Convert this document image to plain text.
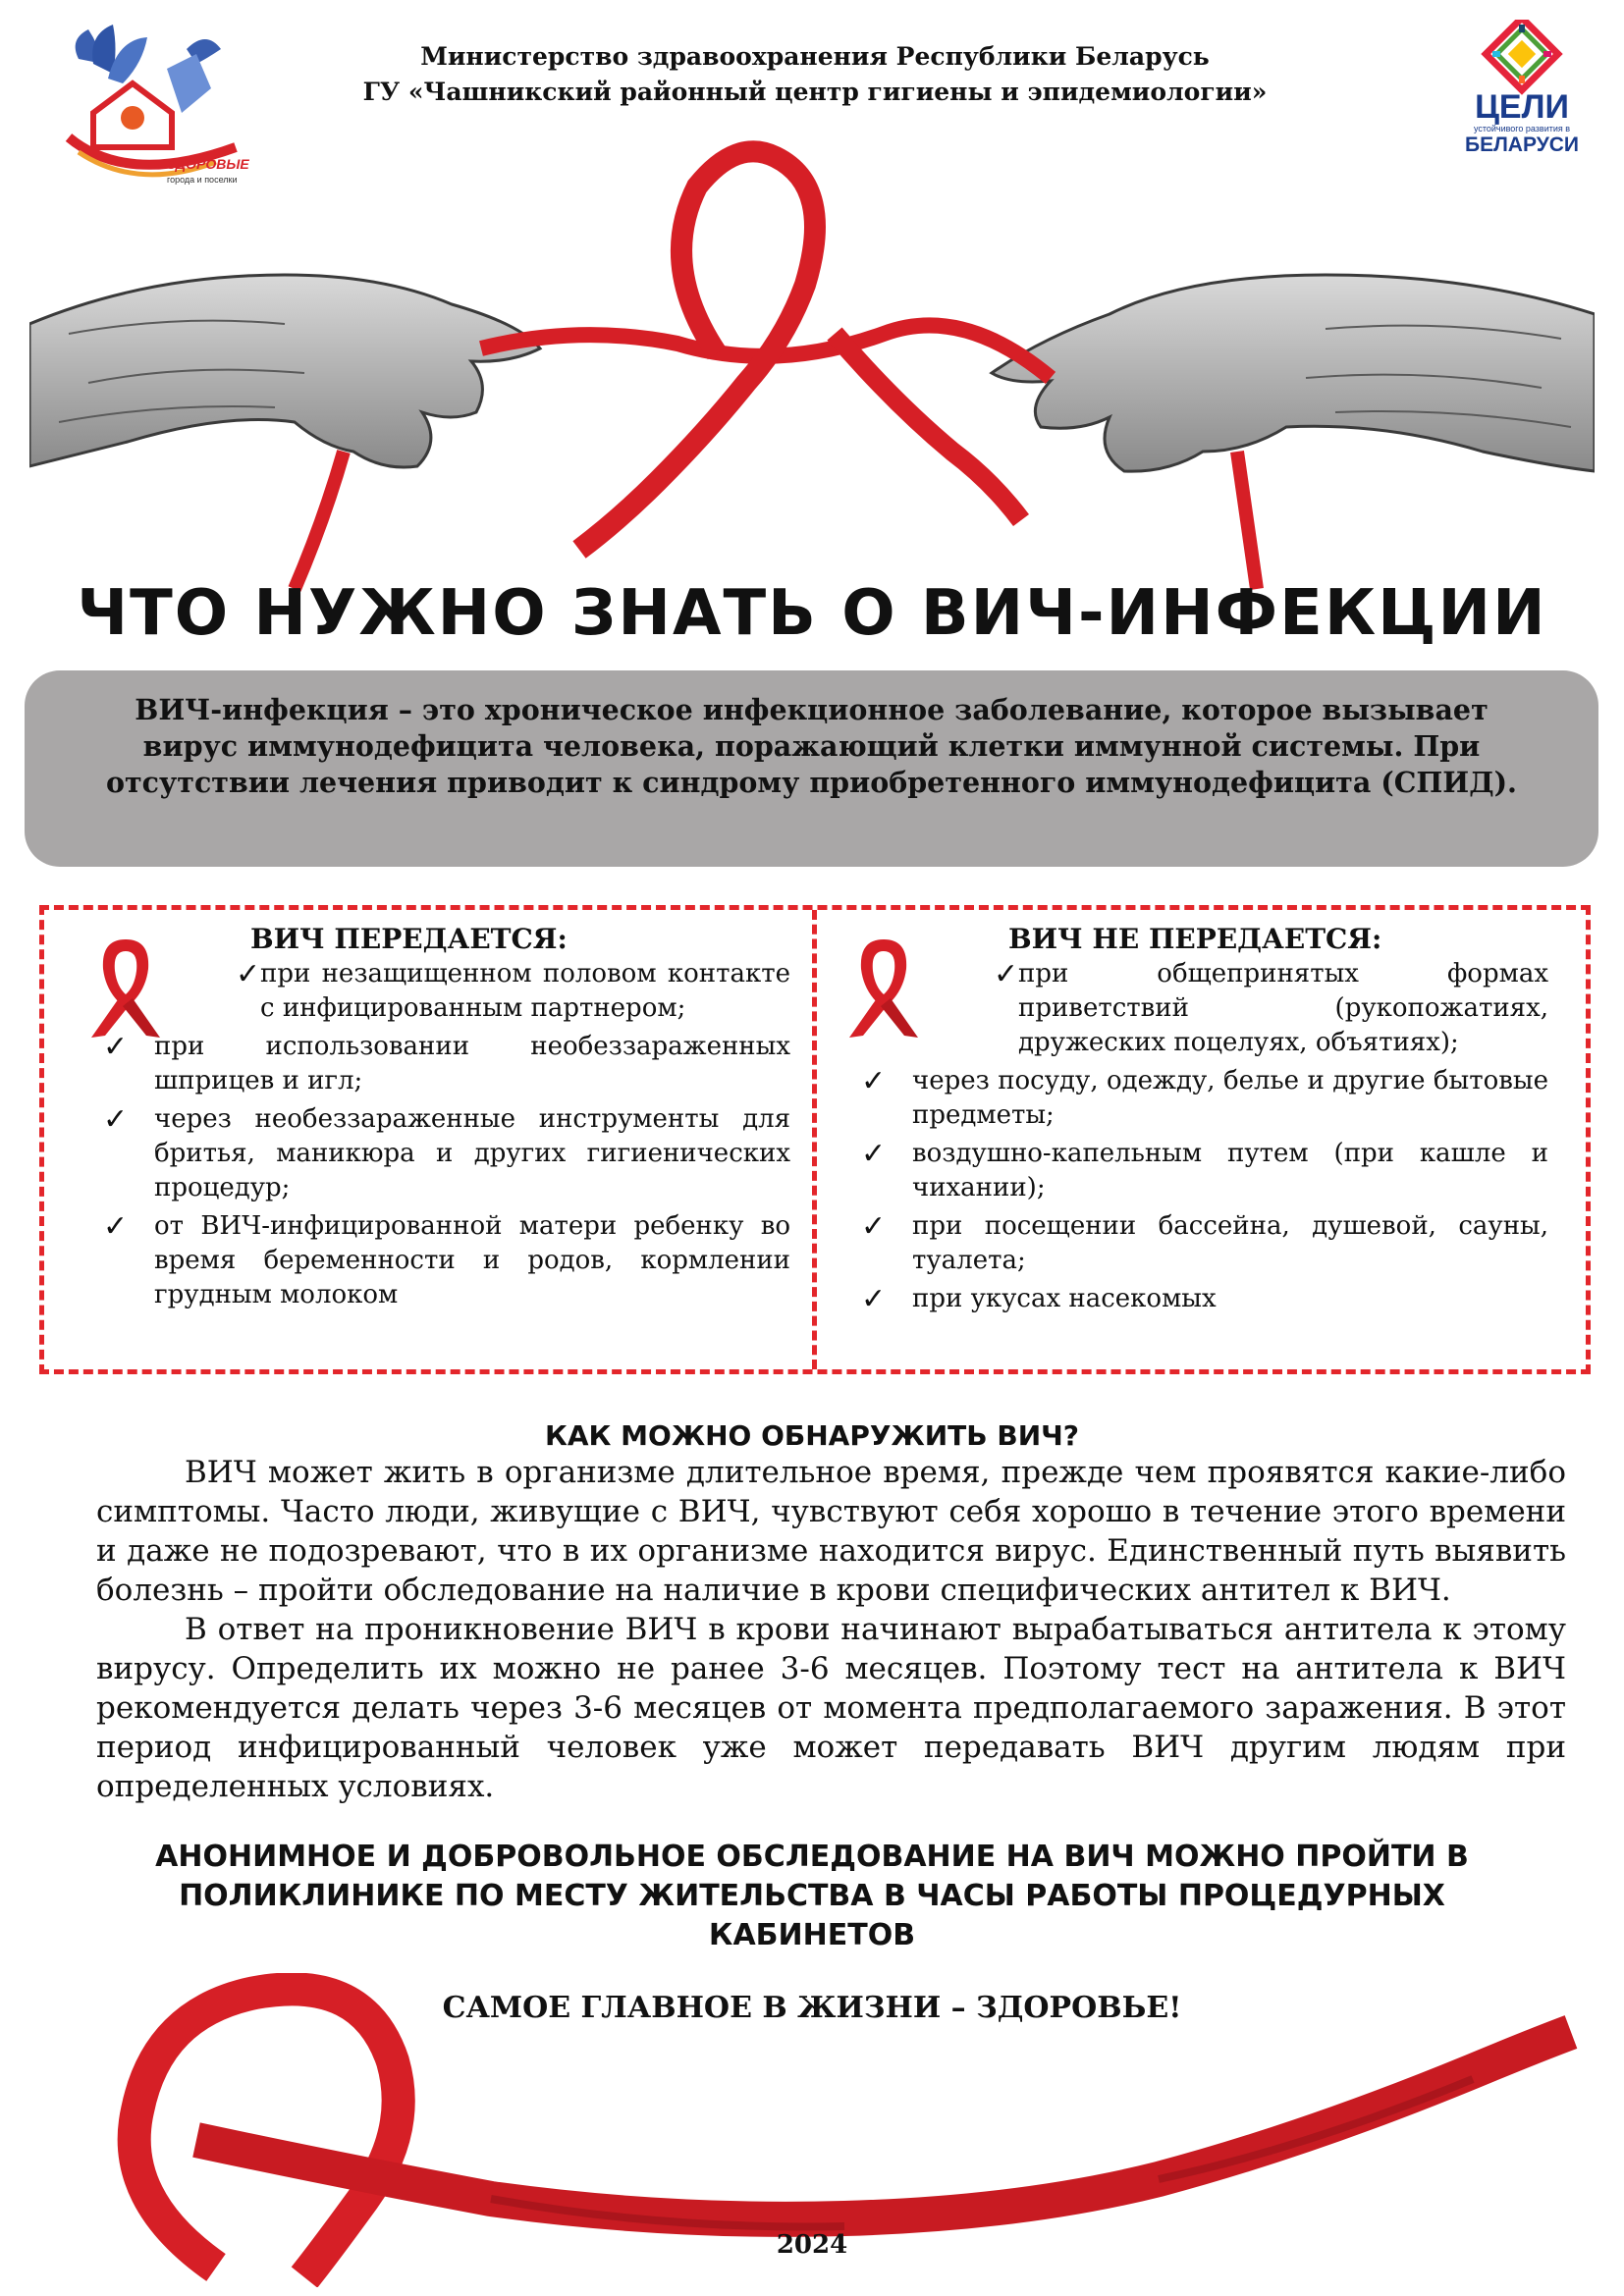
ЗДОРОВЫЕ
города и поселки
ЦЕЛИ
устойчивого развития в
БЕЛАРУСИ
Министерство здравоохранения Республики Беларусь
ГУ «Чашникский районный центр гигиены и эпидемиологии»
ЧТО НУЖНО ЗНАТЬ О ВИЧ-ИНФЕКЦИИ
ВИЧ-инфекция – это хроническое инфекционное заболевание, которое вызывает вирус иммунодефицита человека, поражающий клетки иммунной системы. При отсутствии лечения приводит к синдрому приобретенного иммунодефицита (СПИД).
ВИЧ ПЕРЕДАЕТСЯ:
✓ при незащищенном половом контакте с инфицированным партнером;
✓ при использовании необеззараженных шприцев и игл;
✓ через необеззараженные инструменты для бритья, маникюра и других гигиенических процедур;
✓ от ВИЧ-инфицированной матери ребенку во время беременности и родов, кормлении грудным молоком
ВИЧ НЕ ПЕРЕДАЕТСЯ:
✓ при общепринятых формах приветствий (рукопожатиях, дружеских поцелуях, объятиях);
✓ через посуду, одежду, белье и другие бытовые предметы;
✓ воздушно-капельным путем (при кашле и чихании);
✓ при посещении бассейна, душевой, сауны, туалета;
✓ при укусах насекомых
КАК МОЖНО ОБНАРУЖИТЬ ВИЧ?
ВИЧ может жить в организме длительное время, прежде чем проявятся какие-либо симптомы. Часто люди, живущие с ВИЧ, чувствуют себя хорошо в течение этого времени и даже не подозревают, что в их организме находится вирус. Единственный путь выявить болезнь – пройти обследование на наличие в крови специфических антител к ВИЧ.
В ответ на проникновение ВИЧ в крови начинают вырабатываться антитела к этому вирусу. Определить их можно не ранее 3-6 месяцев. Поэтому тест на антитела к ВИЧ рекомендуется делать через 3-6 месяцев от момента предполагаемого заражения. В этот период инфицированный человек уже может передавать ВИЧ другим людям при определенных условиях.
АНОНИМНОЕ И ДОБРОВОЛЬНОЕ ОБСЛЕДОВАНИЕ НА ВИЧ МОЖНО ПРОЙТИ В ПОЛИКЛИНИКЕ ПО МЕСТУ ЖИТЕЛЬСТВА В ЧАСЫ РАБОТЫ ПРОЦЕДУРНЫХ КАБИНЕТОВ
САМОЕ ГЛАВНОЕ В ЖИЗНИ – ЗДОРОВЬЕ!
2024
